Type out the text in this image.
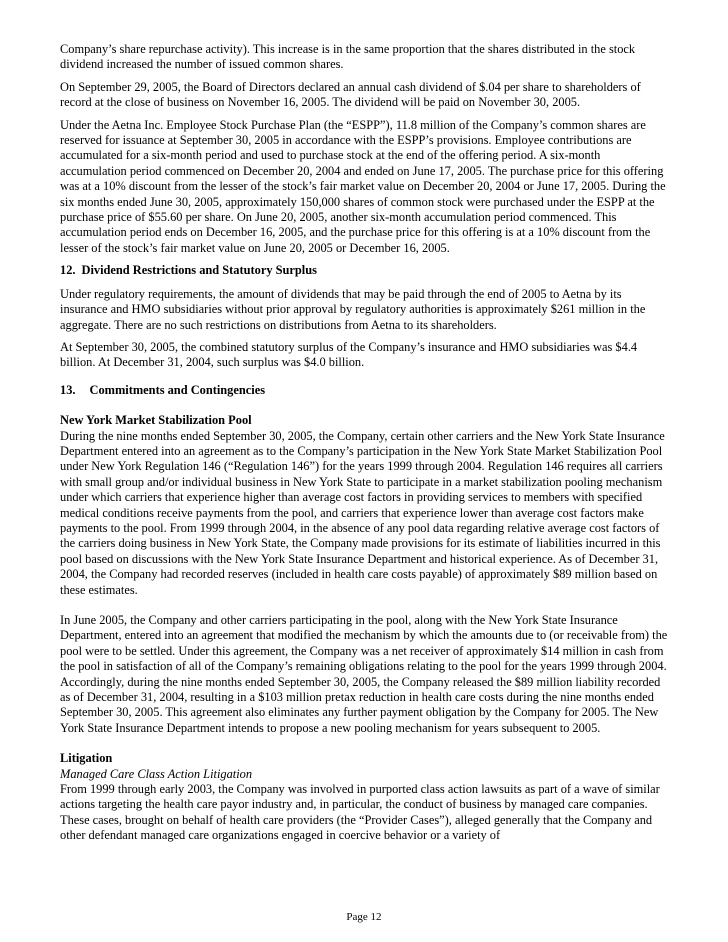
Company’s share repurchase activity). This increase is in the same proportion that the shares distributed in the stock dividend increased the number of issued common shares.

On September 29, 2005, the Board of Directors declared an annual cash dividend of $.04 per share to shareholders of record at the close of business on November 16, 2005. The dividend will be paid on November 30, 2005.

Under the Aetna Inc. Employee Stock Purchase Plan (the “ESPP”), 11.8 million of the Company’s common shares are reserved for issuance at September 30, 2005 in accordance with the ESPP’s provisions. Employee contributions are accumulated for a six-month period and used to purchase stock at the end of the offering period. A six-month accumulation period commenced on December 20, 2004 and ended on June 17, 2005. The purchase price for this offering was at a 10% discount from the lesser of the stock’s fair market value on December 20, 2004 or June 17, 2005. During the six months ended June 30, 2005, approximately 150,000 shares of common stock were purchased under the ESPP at the purchase price of $55.60 per share. On June 20, 2005, another six-month accumulation period commenced. This accumulation period ends on December 16, 2005, and the purchase price for this offering is at a 10% discount from the lesser of the stock’s fair market value on June 20, 2005 or December 16, 2005.

12. Dividend Restrictions and Statutory Surplus

Under regulatory requirements, the amount of dividends that may be paid through the end of 2005 to Aetna by its insurance and HMO subsidiaries without prior approval by regulatory authorities is approximately $261 million in the aggregate. There are no such restrictions on distributions from Aetna to its shareholders.

At September 30, 2005, the combined statutory surplus of the Company’s insurance and HMO subsidiaries was $4.4 billion. At December 31, 2004, such surplus was $4.0 billion.

13. Commitments and Contingencies
New York Market Stabilization Pool

During the nine months ended September 30, 2005, the Company, certain other carriers and the New York State Insurance Department entered into an agreement as to the Company’s participation in the New York State Market Stabilization Pool under New York Regulation 146 (“Regulation 146”) for the years 1999 through 2004. Regulation 146 requires all carriers with small group and/or individual business in New York State to participate in a market stabilization pooling mechanism under which carriers that experience higher than average cost factors in providing services to members with specified medical conditions receive payments from the pool, and carriers that experience lower than average cost factors make payments to the pool. From 1999 through 2004, in the absence of any pool data regarding relative average cost factors of the carriers doing business in New York State, the Company made provisions for its estimate of liabilities incurred in this pool based on discussions with the New York State Insurance Department and historical experience. As of December 31, 2004, the Company had recorded reserves (included in health care costs payable) of approximately $89 million based on these estimates.

In June 2005, the Company and other carriers participating in the pool, along with the New York State Insurance Department, entered into an agreement that modified the mechanism by which the amounts due to (or receivable from) the pool were to be settled. Under this agreement, the Company was a net receiver of approximately $14 million in cash from the pool in satisfaction of all of the Company’s remaining obligations relating to the pool for the years 1999 through 2004. Accordingly, during the nine months ended September 30, 2005, the Company released the $89 million liability recorded as of December 31, 2004, resulting in a $103 million pretax reduction in health care costs during the nine months ended September 30, 2005. This agreement also eliminates any further payment obligation by the Company for 2005. The New York State Insurance Department intends to propose a new pooling mechanism for years subsequent to 2005.

Litigation
Managed Care Class Action Litigation

From 1999 through early 2003, the Company was involved in purported class action lawsuits as part of a wave of similar actions targeting the health care payor industry and, in particular, the conduct of business by managed care companies. These cases, brought on behalf of health care providers (the “Provider Cases”), alleged generally that the Company and other defendant managed care organizations engaged in coercive behavior or a variety of

Page 12
